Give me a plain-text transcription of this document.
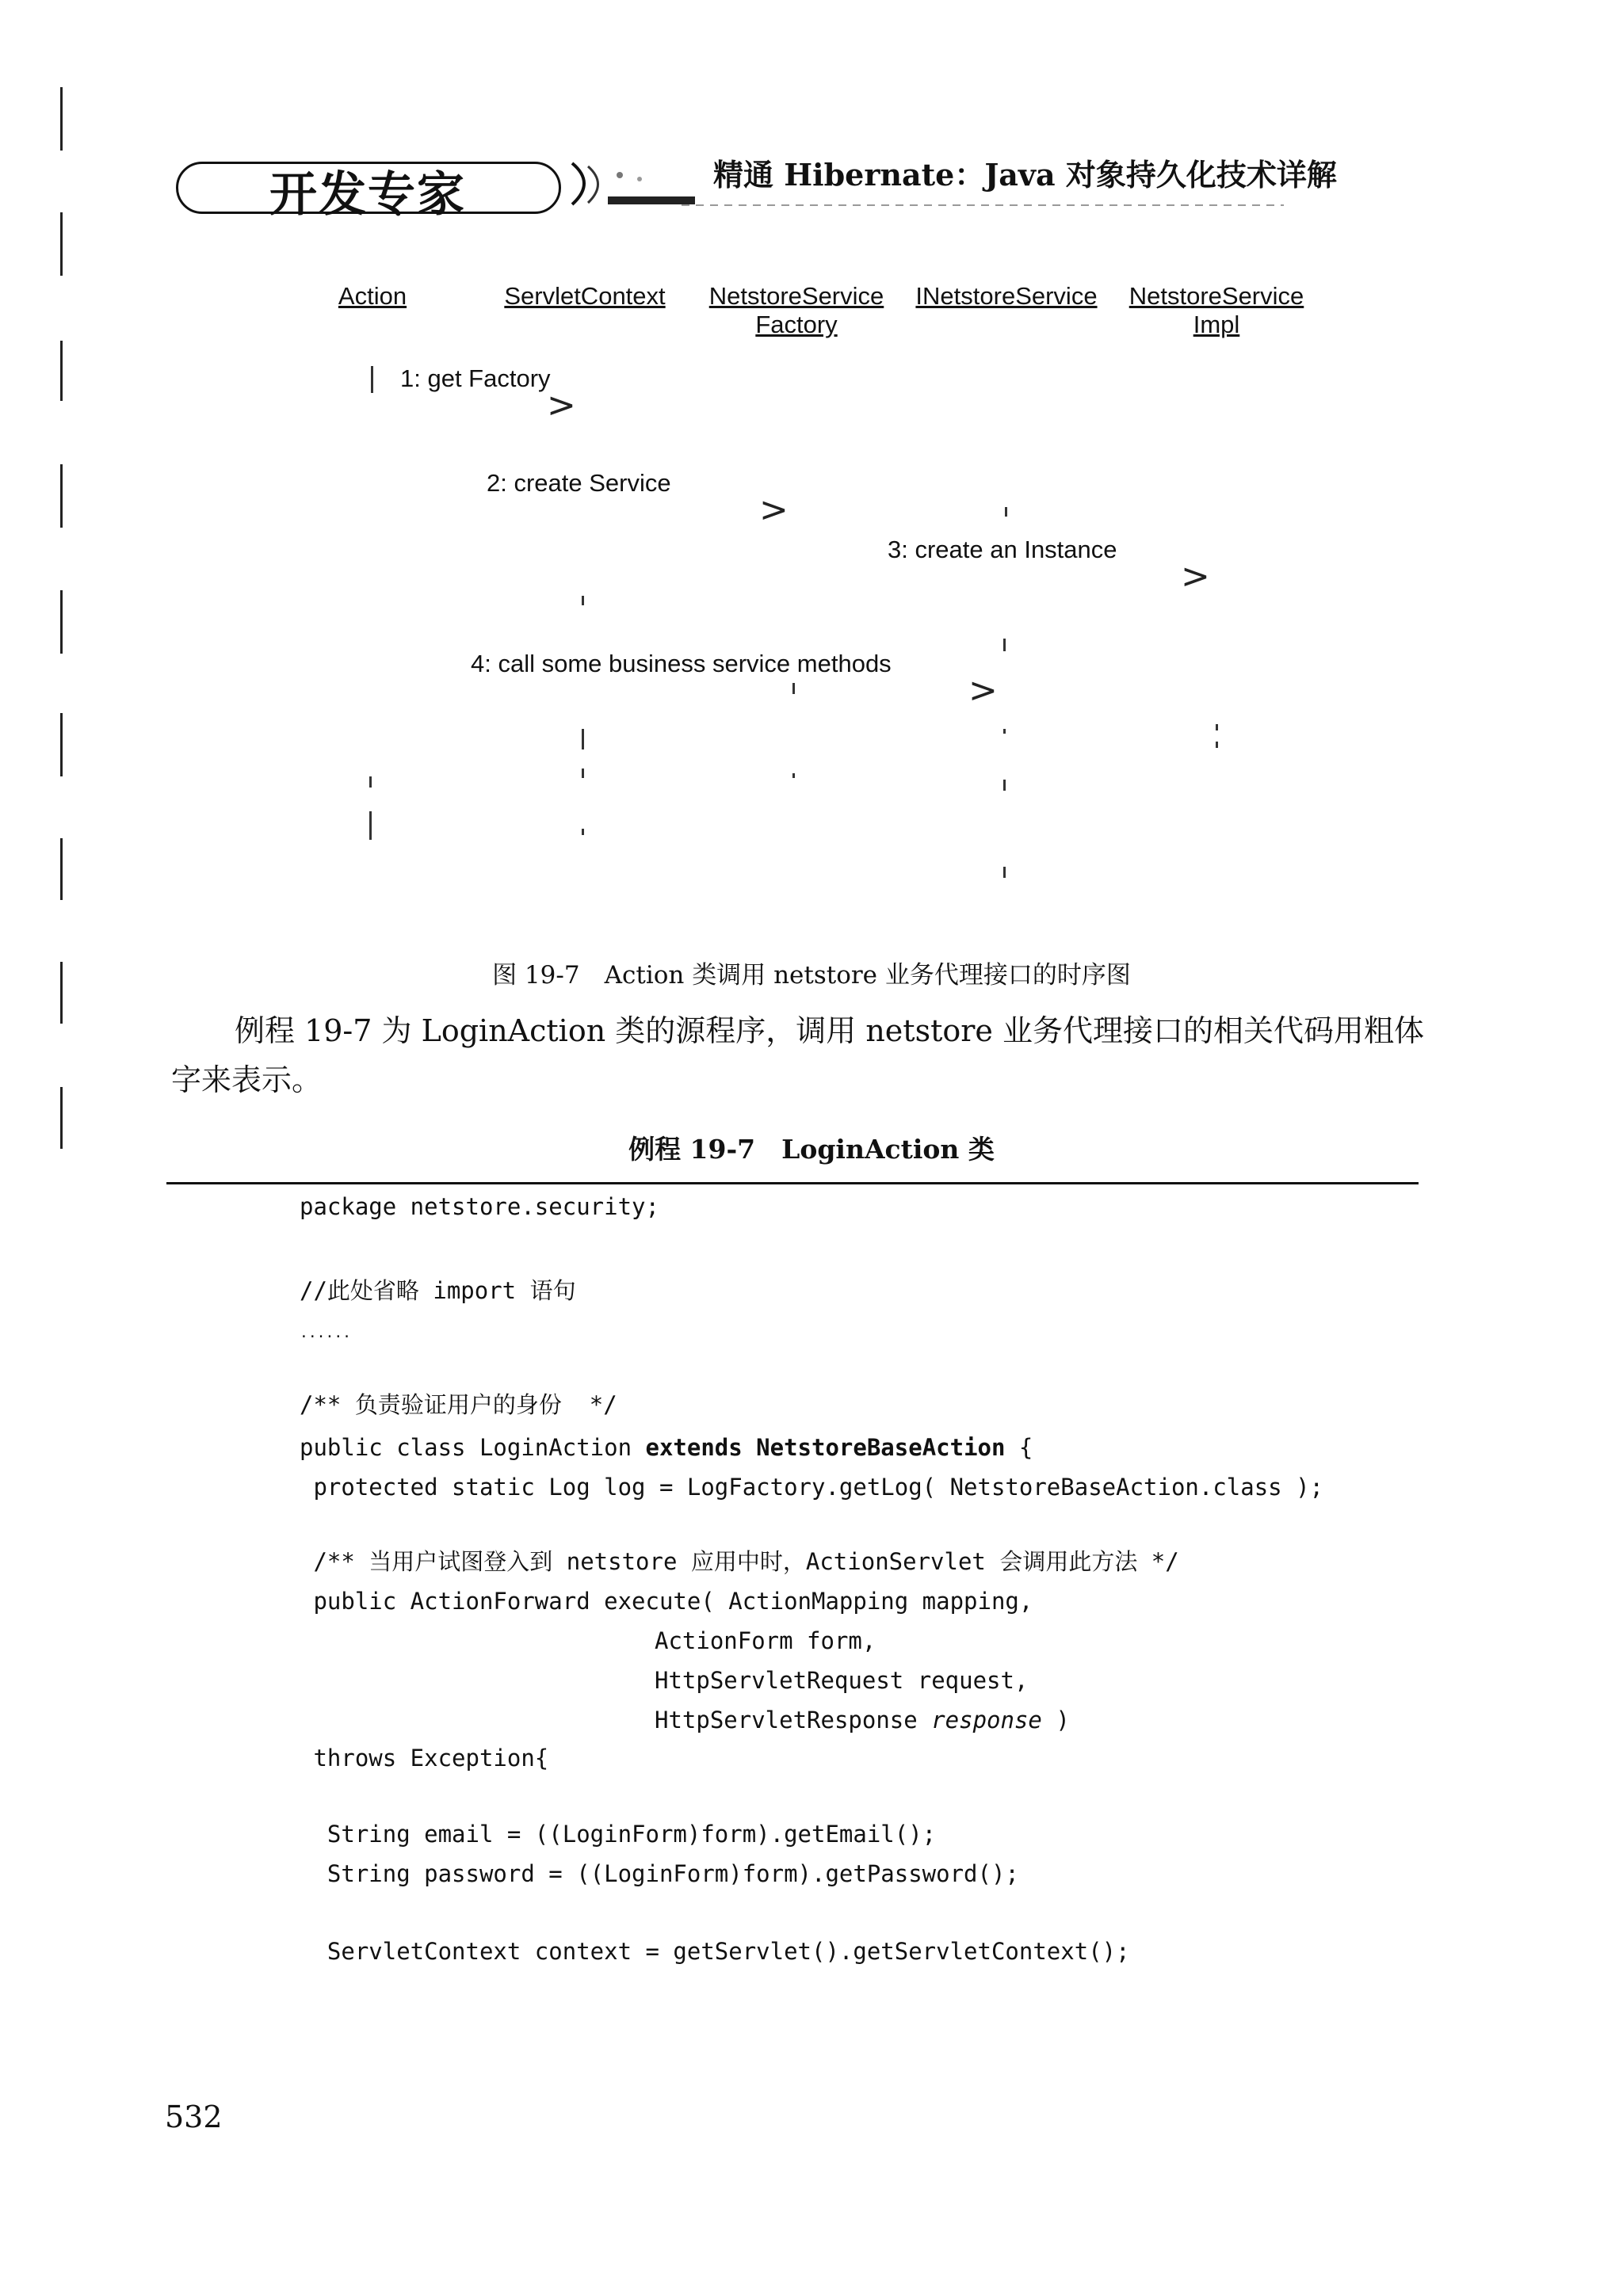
开发专家	精通 Hibernate：Java 对象持久化技术详解
Action	ServletContext	NetstoreService
Factory
INetstoreService	NetstoreService
Impl
1: get Factory
>
2: create Service
>
3: create an Instance
>
4: call some business service methods
>
图 19-7　Action 类调用 netstore 业务代理接口的时序图
例程 19-7 为 LoginAction 类的源程序，调用 netstore 业务代理接口的相关代码用粗体
字来表示。
例程 19-7　LoginAction 类
package netstore.security;
//此处省略 import 语句
......
/** 负责验证用户的身份  */
public class LoginAction extends NetstoreBaseAction {
protected static Log log = LogFactory.getLog( NetstoreBaseAction.class );
/** 当用户试图登入到 netstore 应用中时，ActionServlet 会调用此方法 */
public ActionForward execute( ActionMapping mapping,
ActionForm form,
HttpServletRequest request,
HttpServletResponse response )
throws Exception{
String email = ((LoginForm)form).getEmail();
String password = ((LoginForm)form).getPassword();
ServletContext context = getServlet().getServletContext();
532
